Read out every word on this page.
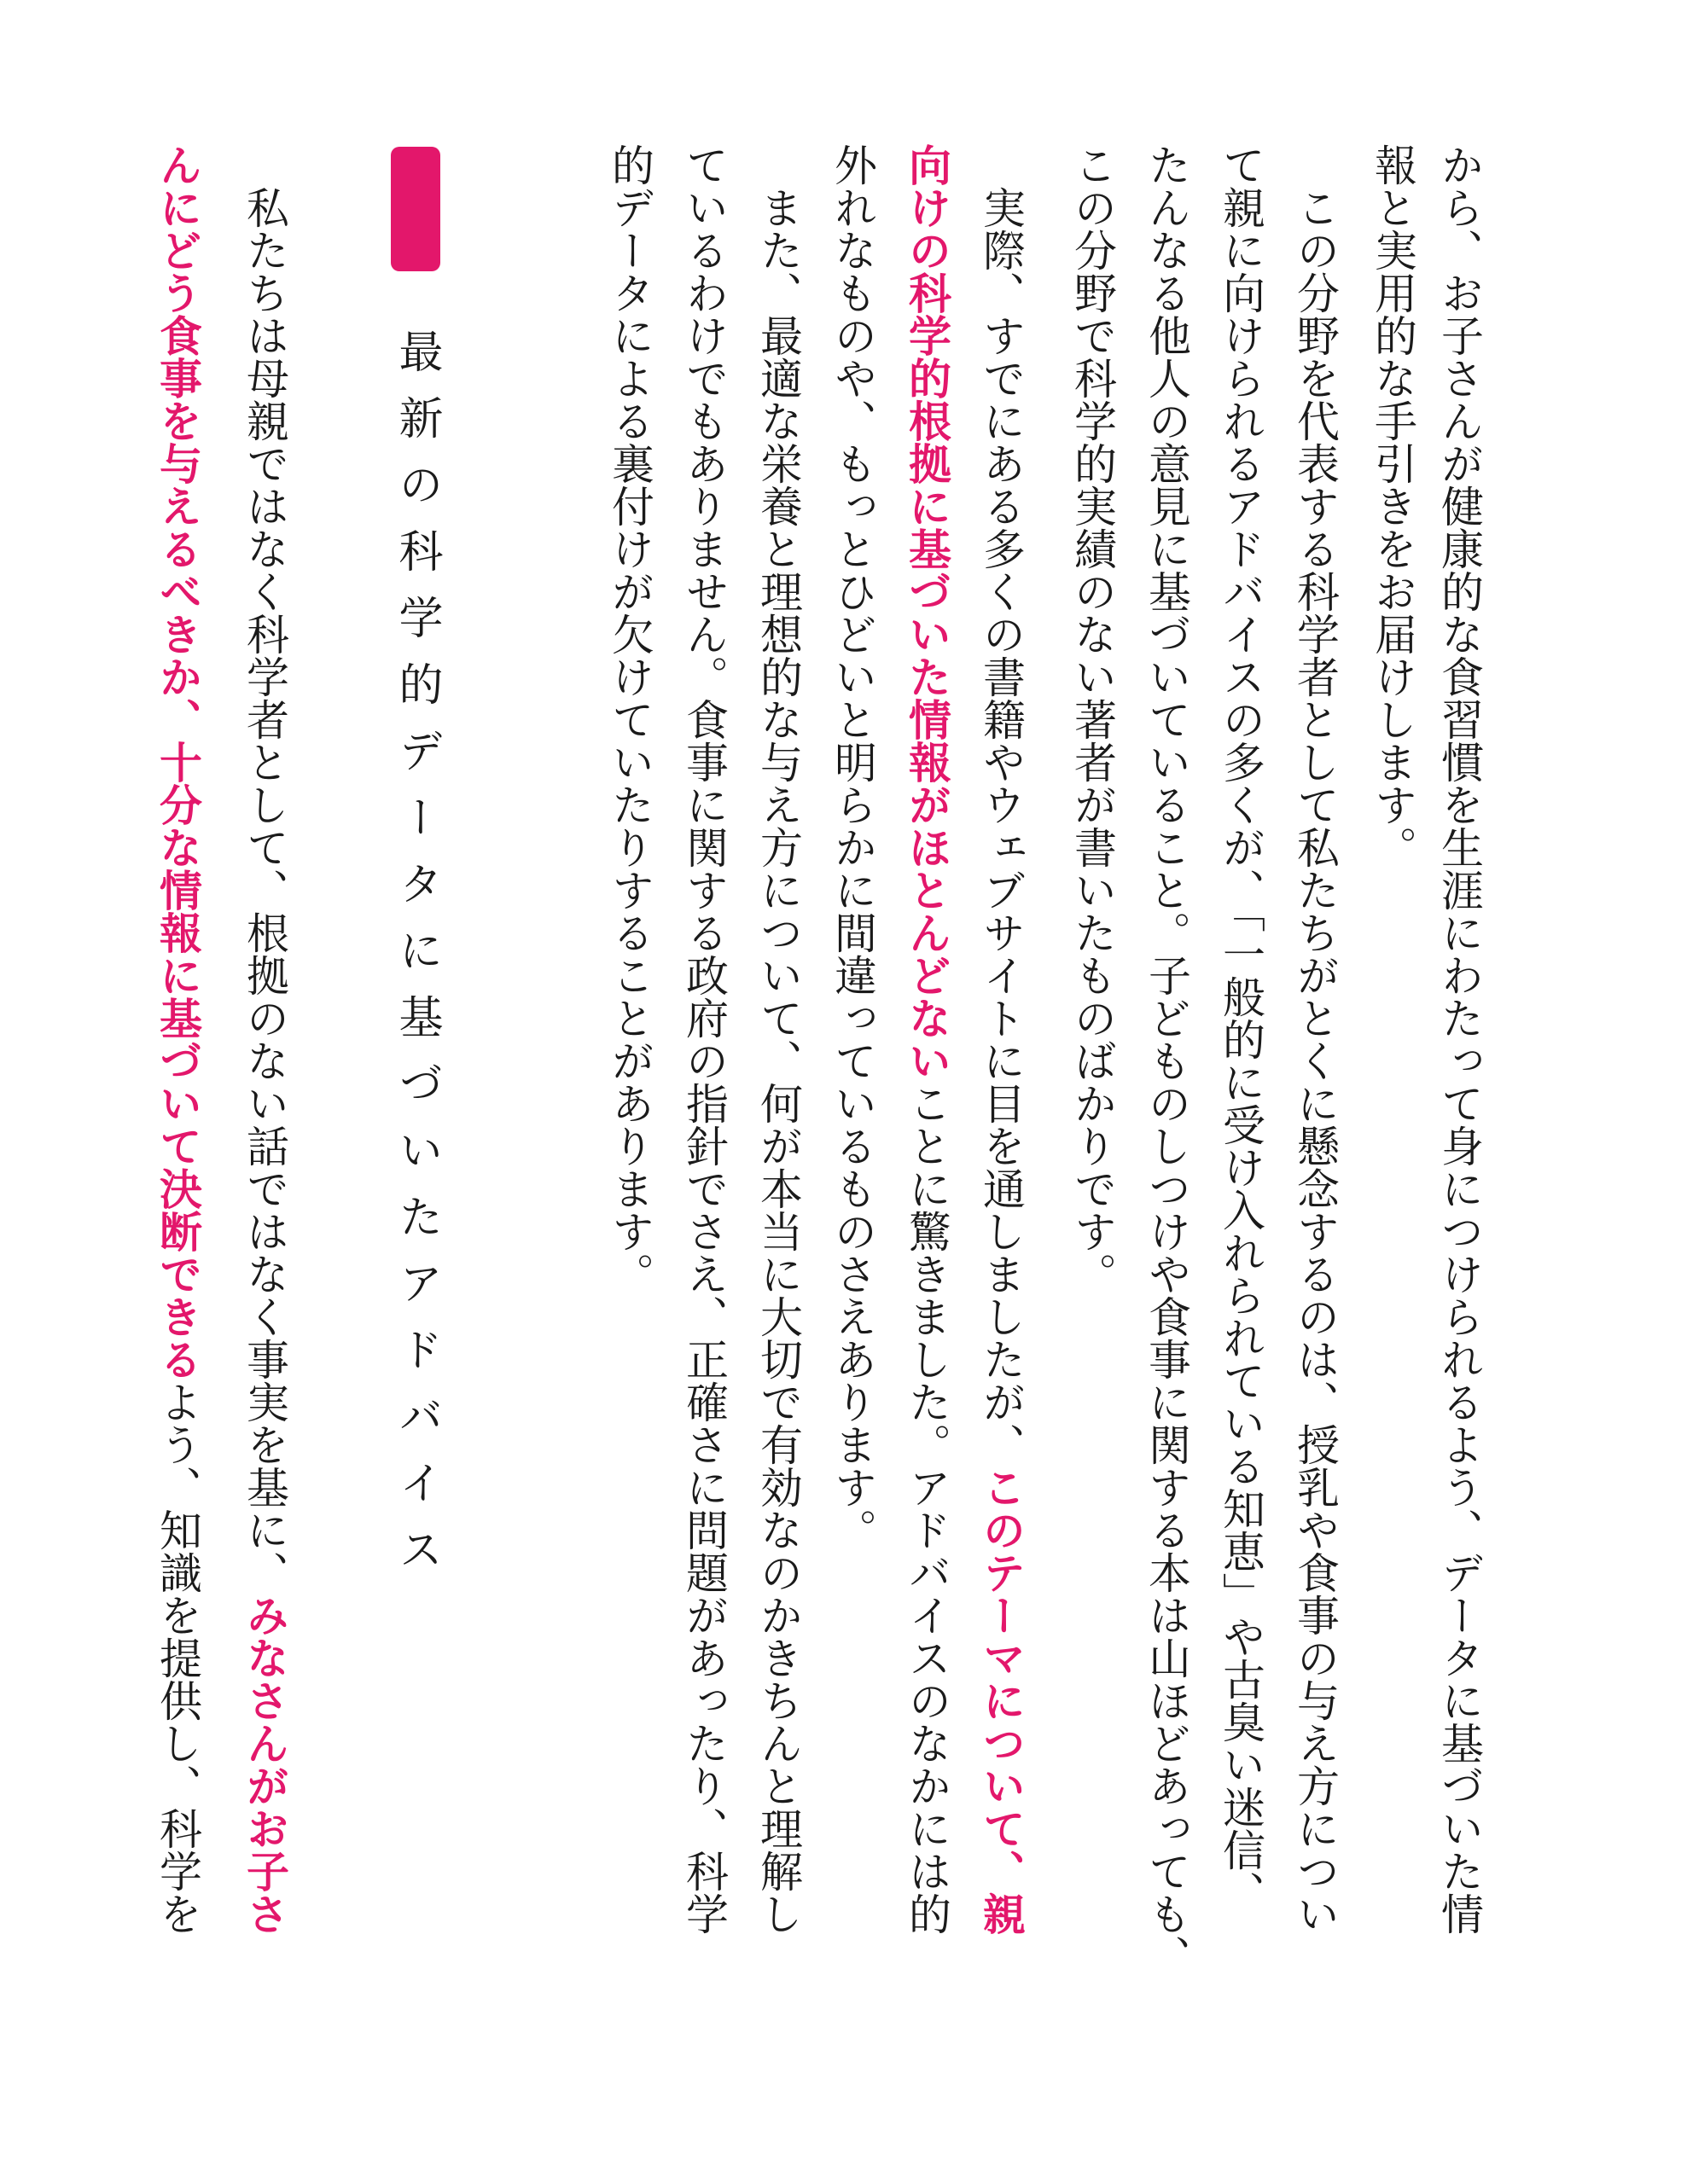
最新の科学的データに基づいたアドバイス	から、お子さんが健康的な食習慣を生涯にわたって身につけられるよう、データに基づいた情
報と実用的な手引きをお届けします。
　この分野を代表する科学者として私たちがとくに懸念するのは、授乳や食事の与え方につい
て親に向けられるアドバイスの多くが、「一般的に受け入れられている知恵」や古臭い迷信、
たんなる他人の意見に基づいていること。子どものしつけや食事に関する本は山ほどあっても、
この分野で科学的実績のない著者が書いたものばかりです。
　実際、すでにある多くの書籍やウェブサイトに目を通しましたが、このテーマについて、親
向けの科学的根拠に基づいた情報がほとんどないことに驚きました。アドバイスのなかには的
外れなものや、もっとひどいと明らかに間違っているものさえあります。
　また、最適な栄養と理想的な与え方について、何が本当に大切で有効なのかきちんと理解し
ているわけでもありません。食事に関する政府の指針でさえ、正確さに問題があったり、科学
的データによる裏付けが欠けていたりすることがあります。
　私たちは母親ではなく科学者として、根拠のない話ではなく事実を基に、みなさんがお子さ
んにどう食事を与えるべきか、十分な情報に基づいて決断できるよう、知識を提供し、科学を
